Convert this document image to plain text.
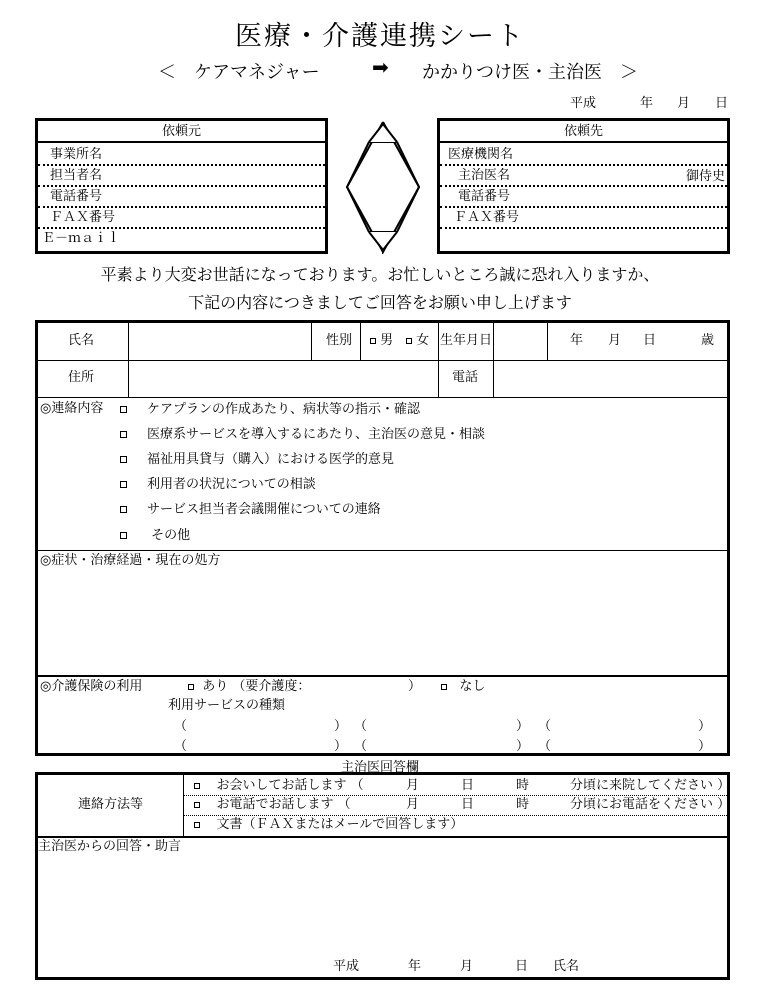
医療・介護連携シート
＜　ケアマネジャー	➡ かかりつけ医・主治医　＞
平成	年 月 日
依頼元
事業所名
担当者名
電話番号
ＦＡＸ番号
Ｅ－ｍａｉｌ
依頼先
医療機関名
主治医名	御侍史
電話番号
ＦＡＸ番号
平素より大変お世話になっております。お忙しいところ誠に恐れ入りますか、
下記の内容につきましてご回答をお願い申し上げます
氏名	性別	男	女 生年月日	年 月 日	歳
住所	電話
◎連絡内容	ケアプランの作成あたり、病状等の指示・確認
医療系サービスを導入するにあたり、主治医の意見・相談
福祉用具貸与（購入）における医学的意見
利用者の状況についての相談
サービス担当者会議開催についての連絡
その他
◎症状・治療経過・現在の処方
◎介護保険の利用	あり （要介護度：	）	なし
利用サービスの種類
（	） （	） （	）
（	） （	） （	）
主治医回答欄
連絡方法等
お会いしてお話します （	月	日	時	分頃に来院してください ）
お電話でお話します （	月	日	時	分頃にお電話をください ）
文書（ＦＡＸまたはメールで回答します）
主治医からの回答・助言
平成	年	月	日 氏名
